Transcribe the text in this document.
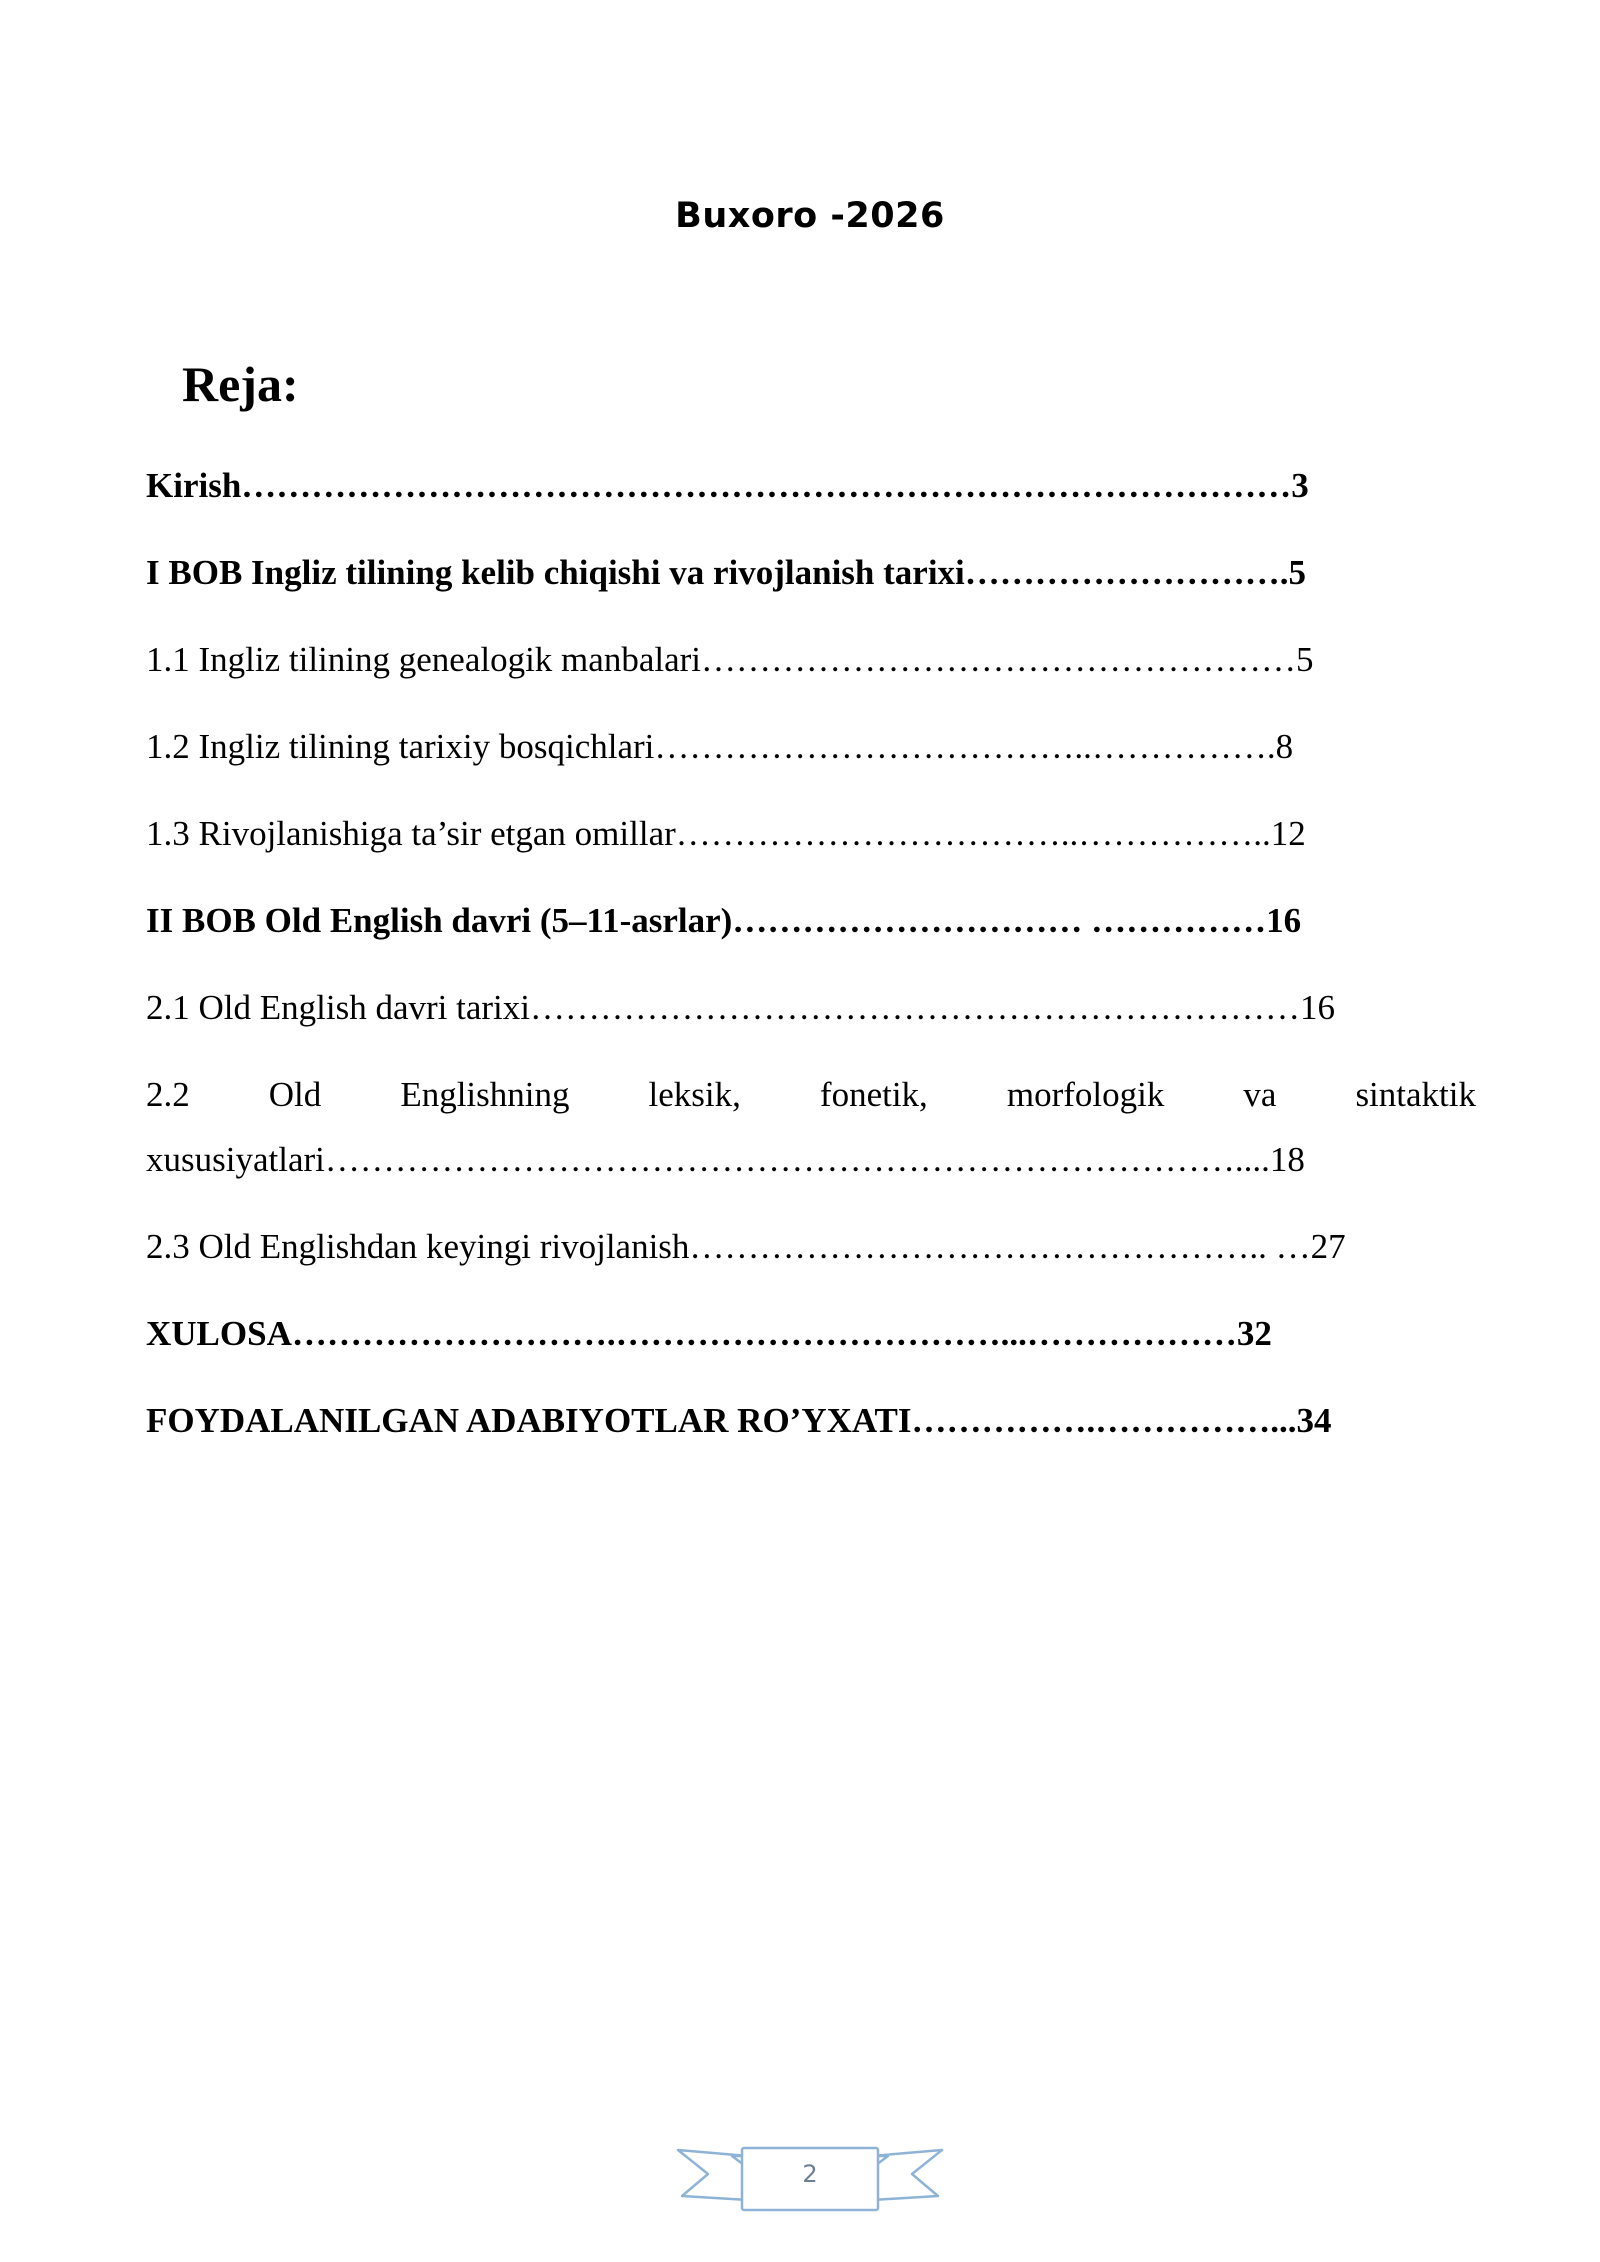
Buxoro -2026
Reja:
Kirish………………………………………………………………………………3
I BOB Ingliz tilining kelib chiqishi va rivojlanish tarixi……………………….5
1.1 Ingliz tilining genealogik manbalari……………………………………………5
1.2 Ingliz tilining tarixiy bosqichlari………………………………..…………….8
1.3 Rivojlanishiga ta’sir etgan omillar……………………………..……………..12
II BOB Old English davri (5–11-asrlar)………………………… ……………16
2.1 Old English davri tarixi…………………………………………………………16
2.2 Old Englishning leksik, fonetik, morfologik va sintaktik
xususiyatlari……………………………………………………………………....18
2.3 Old Englishdan keyingi rivojlanish………………………………………….. …27
XULOSA……………………….……………………………...………………32
FOYDALANILGAN ADABIYOTLAR RO’YXATI…………….……………...34
2
